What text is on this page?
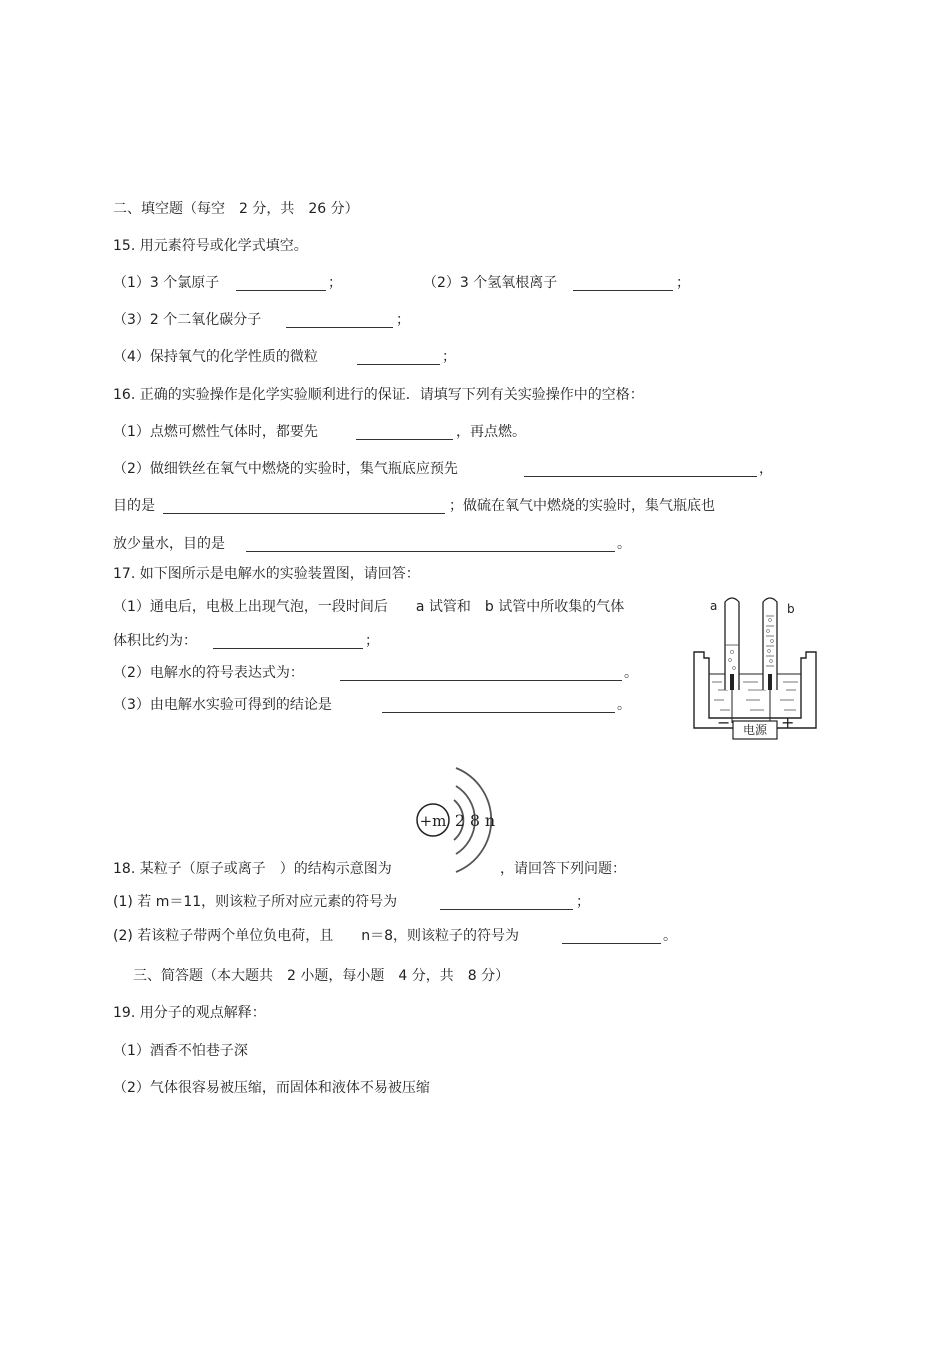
二、填空题（每空　2 分，共　26 分）
15. 用元素符号或化学式填空。
（1）3 个氯原子	；	（2）3 个氢氧根离子	；
（3）2 个二氧化碳分子	；
（4）保持氧气的化学性质的微粒	；
16. 正确的实验操作是化学实验顺利进行的保证．请填写下列有关实验操作中的空格：
（1）点燃可燃性气体时，都要先	，再点燃。
（2）做细铁丝在氧气中燃烧的实验时，集气瓶底应预先	，
目的是	；做硫在氧气中燃烧的实验时，集气瓶底也
放少量水，目的是	。
17. 如下图所示是电解水的实验装置图，请回答：
（1）通电后，电极上出现气泡，一段时间后　　a 试管和　b 试管中所收集的气体
体积比约为：	；
（2）电解水的符号表达式为：	。
（3）由电解水实验可得到的结论是	。
电源
−	+
a	b
+m 2 8 n
18. 某粒子（原子或离子　）的结构示意图为	，请回答下列问题：
(1) 若 m＝11，则该粒子所对应元素的符号为	；
(2) 若该粒子带两个单位负电荷，且　　n＝8，则该粒子的符号为	。
三、简答题（本大题共　2 小题，每小题　4 分，共　8 分）
19. 用分子的观点解释：
（1）酒香不怕巷子深
（2）气体很容易被压缩，而固体和液体不易被压缩
